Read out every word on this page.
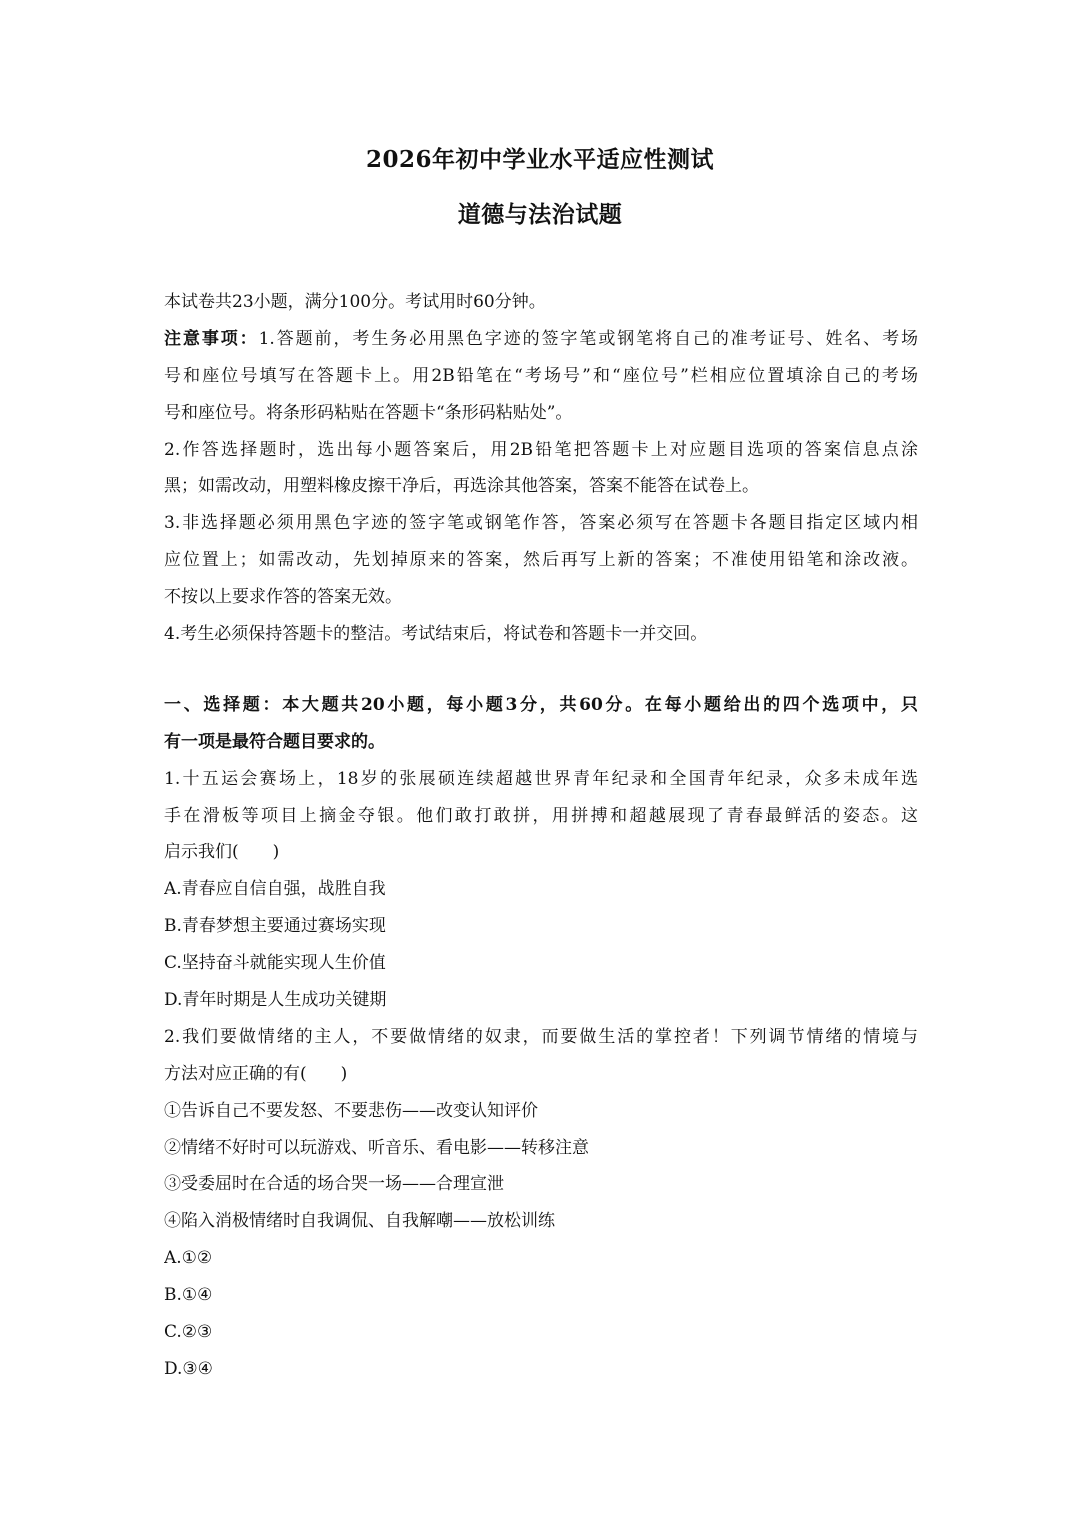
2026年初中学业水平适应性测试
道德与法治试题
本试卷共23小题，满分100分。考试用时60分钟。
注意事项：1.答题前，考生务必用黑色字迹的签字笔或钢笔将自己的准考证号、姓名、考场
号和座位号填写在答题卡上。用2B铅笔在“考场号”和“座位号”栏相应位置填涂自己的考场
号和座位号。将条形码粘贴在答题卡“条形码粘贴处”。
2.作答选择题时，选出每小题答案后，用2B铅笔把答题卡上对应题目选项的答案信息点涂
黑；如需改动，用塑料橡皮擦干净后，再选涂其他答案，答案不能答在试卷上。
3.非选择题必须用黑色字迹的签字笔或钢笔作答，答案必须写在答题卡各题目指定区域内相
应位置上；如需改动，先划掉原来的答案，然后再写上新的答案；不准使用铅笔和涂改液。
不按以上要求作答的答案无效。
4.考生必须保持答题卡的整洁。考试结束后，将试卷和答题卡一并交回。
一、选择题：本大题共20小题，每小题3分，共60分。在每小题给出的四个选项中，只
有一项是最符合题目要求的。
1.十五运会赛场上，18岁的张展硕连续超越世界青年纪录和全国青年纪录，众多未成年选
手在滑板等项目上摘金夺银。他们敢打敢拼，用拼搏和超越展现了青春最鲜活的姿态。这
启示我们(　　)
A.青春应自信自强，战胜自我
B.青春梦想主要通过赛场实现
C.坚持奋斗就能实现人生价值
D.青年时期是人生成功关键期
2.我们要做情绪的主人，不要做情绪的奴隶，而要做生活的掌控者！下列调节情绪的情境与
方法对应正确的有(　　)
①告诉自己不要发怒、不要悲伤——改变认知评价
②情绪不好时可以玩游戏、听音乐、看电影——转移注意
③受委屈时在合适的场合哭一场——合理宣泄
④陷入消极情绪时自我调侃、自我解嘲——放松训练
A.①②
B.①④
C.②③
D.③④
